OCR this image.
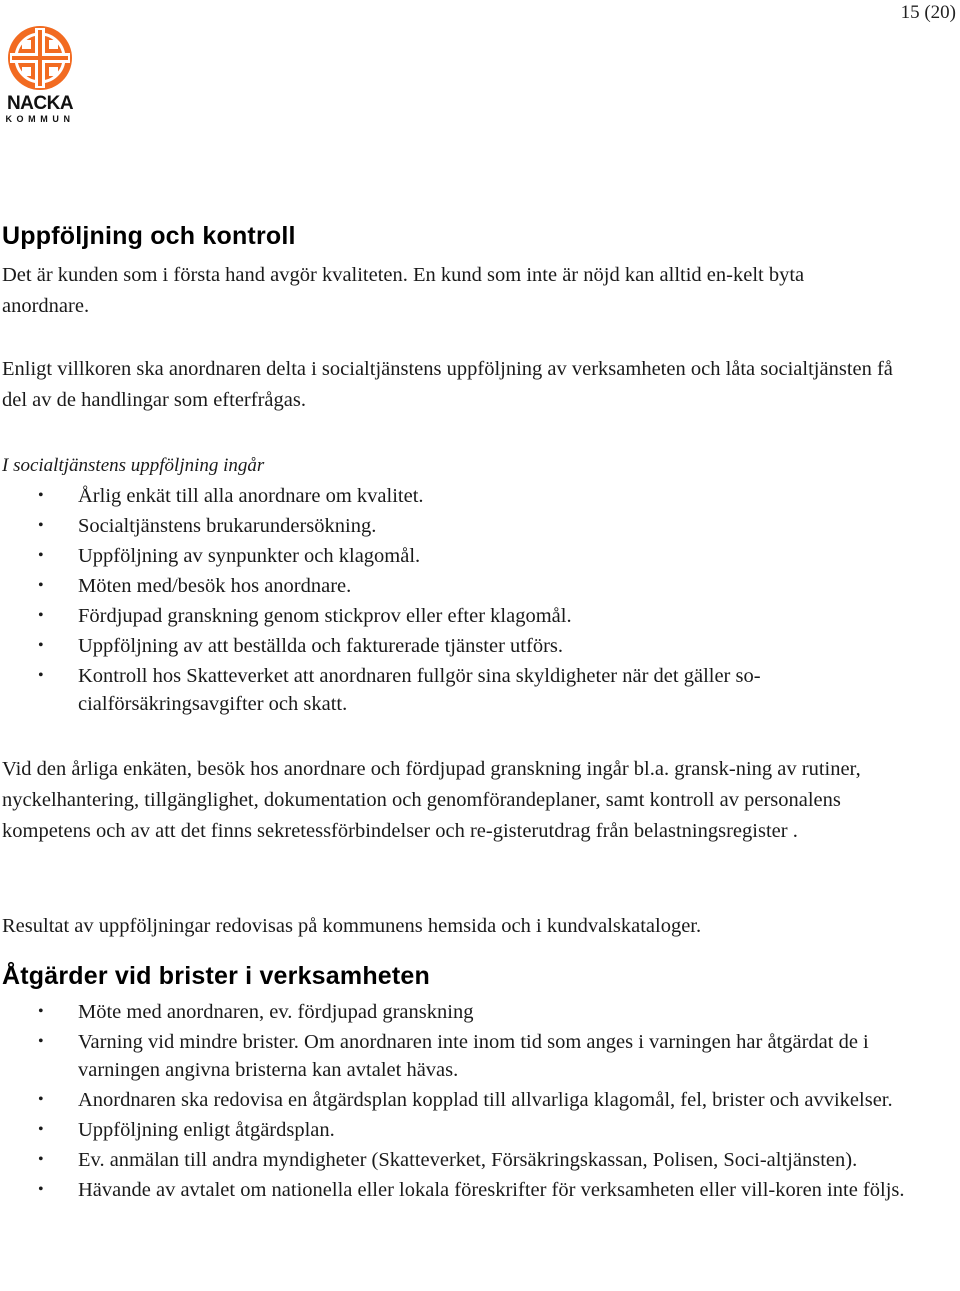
15 (20)
NACKA
KOMMUN
Uppföljning och kontroll

Det är kunden som i första hand avgör kvaliteten. En kund som inte är nöjd kan alltid en-kelt byta anordnare.

Enligt villkoren ska anordnaren delta i socialtjänstens uppföljning av verksamheten och låta socialtjänsten få del av de handlingar som efterfrågas.

I socialtjänstens uppföljning ingår

• Årlig enkät till alla anordnare om kvalitet.
• Socialtjänstens brukarundersökning.
• Uppföljning av synpunkter och klagomål.
• Möten med/besök hos anordnare.
• Fördjupad granskning genom stickprov eller efter klagomål.
• Uppföljning av att beställda och fakturerade tjänster utförs.
• Kontroll hos Skatteverket att anordnaren fullgör sina skyldigheter när det gäller so-cialförsäkringsavgifter och skatt.

Vid den årliga enkäten, besök hos anordnare och fördjupad granskning ingår bl.a. gransk-ning av rutiner, nyckelhantering, tillgänglighet, dokumentation och genomförandeplaner, samt kontroll av personalens kompetens och av att det finns sekretessförbindelser och re-gisterutdrag från belastningsregister .

Resultat av uppföljningar redovisas på kommunens hemsida och i kundvalskataloger.

Åtgärder vid brister i verksamheten
• Möte med anordnaren, ev. fördjupad granskning
• Varning vid mindre brister. Om anordnaren inte inom tid som anges i varningen har åtgärdat de i varningen angivna bristerna kan avtalet hävas.
• Anordnaren ska redovisa en åtgärdsplan kopplad till allvarliga klagomål, fel, brister och avvikelser.
• Uppföljning enligt åtgärdsplan.
• Ev. anmälan till andra myndigheter (Skatteverket, Försäkringskassan, Polisen, Soci-altjänsten).
• Hävande av avtalet om nationella eller lokala föreskrifter för verksamheten eller vill-koren inte följs.
